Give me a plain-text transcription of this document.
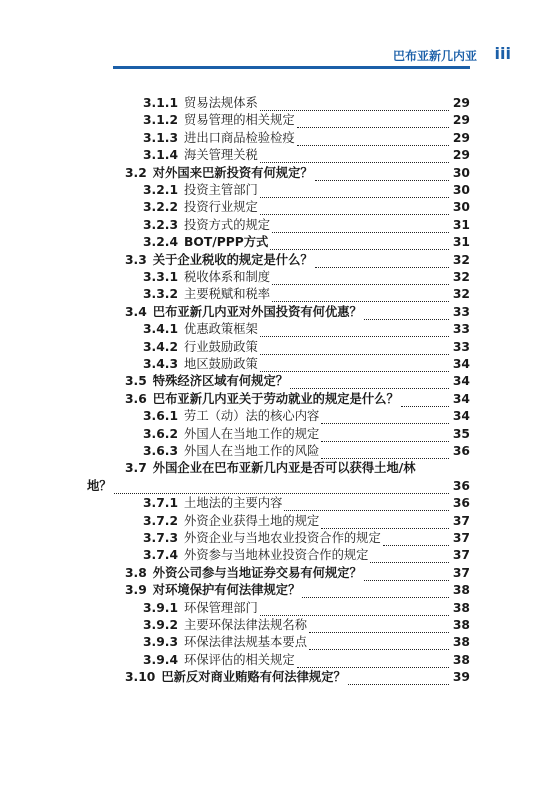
巴布亚新几内亚 iii
3.1.1 贸易法规体系	29
3.1.2 贸易管理的相关规定	29
3.1.3 进出口商品检验检疫	29
3.1.4 海关管理关税	29
3.2 对外国来巴新投资有何规定？	30
3.2.1 投资主管部门	30
3.2.2 投资行业规定	30
3.2.3 投资方式的规定	31
3.2.4 BOT/PPP方式	31
3.3 关于企业税收的规定是什么？	32
3.3.1 税收体系和制度	32
3.3.2 主要税赋和税率	32
3.4 巴布亚新几内亚对外国投资有何优惠？	33
3.4.1 优惠政策框架	33
3.4.2 行业鼓励政策	33
3.4.3 地区鼓励政策	34
3.5 特殊经济区域有何规定？	34
3.6 巴布亚新几内亚关于劳动就业的规定是什么？	34
3.6.1 劳工（动）法的核心内容	34
3.6.2 外国人在当地工作的规定	35
3.6.3 外国人在当地工作的风险	36
3.7 外国企业在巴布亚新几内亚是否可以获得土地/林
地？	36
3.7.1 土地法的主要内容	36
3.7.2 外资企业获得土地的规定	37
3.7.3 外资企业与当地农业投资合作的规定	37
3.7.4 外资参与当地林业投资合作的规定	37
3.8 外资公司参与当地证券交易有何规定？	37
3.9 对环境保护有何法律规定？	38
3.9.1 环保管理部门	38
3.9.2 主要环保法律法规名称	38
3.9.3 环保法律法规基本要点	38
3.9.4 环保评估的相关规定	38
3.10 巴新反对商业贿赂有何法律规定？	39
